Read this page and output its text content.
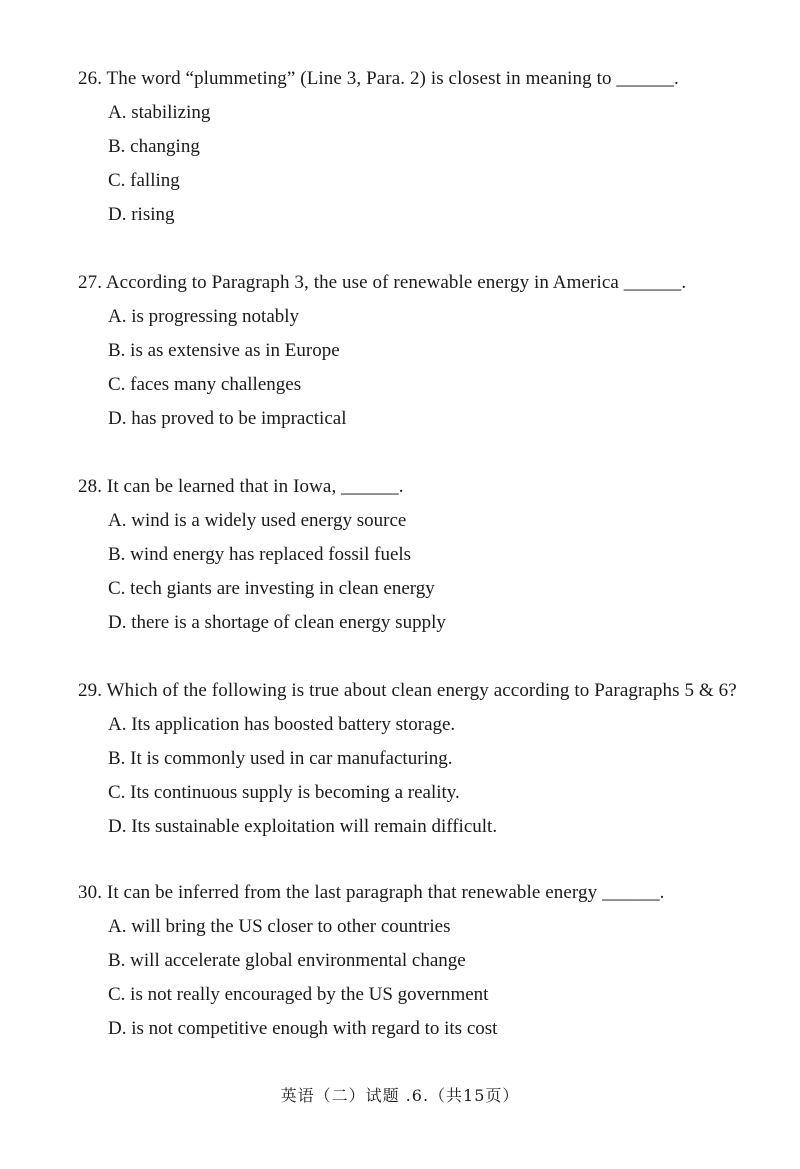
26. The word “plummeting” (Line 3, Para. 2) is closest in meaning to ______.
A. stabilizing
B. changing
C. falling
D. rising
27. According to Paragraph 3, the use of renewable energy in America ______.
A. is progressing notably
B. is as extensive as in Europe
C. faces many challenges
D. has proved to be impractical
28. It can be learned that in Iowa, ______.
A. wind is a widely used energy source
B. wind energy has replaced fossil fuels
C. tech giants are investing in clean energy
D. there is a shortage of clean energy supply
29. Which of the following is true about clean energy according to Paragraphs 5 & 6?
A. Its application has boosted battery storage.
B. It is commonly used in car manufacturing.
C. Its continuous supply is becoming a reality.
D. Its sustainable exploitation will remain difficult.
30. It can be inferred from the last paragraph that renewable energy ______.
A. will bring the US closer to other countries
B. will accelerate global environmental change
C. is not really encouraged by the US government
D. is not competitive enough with regard to its cost
英语（二）试题 .6.（共15页）
